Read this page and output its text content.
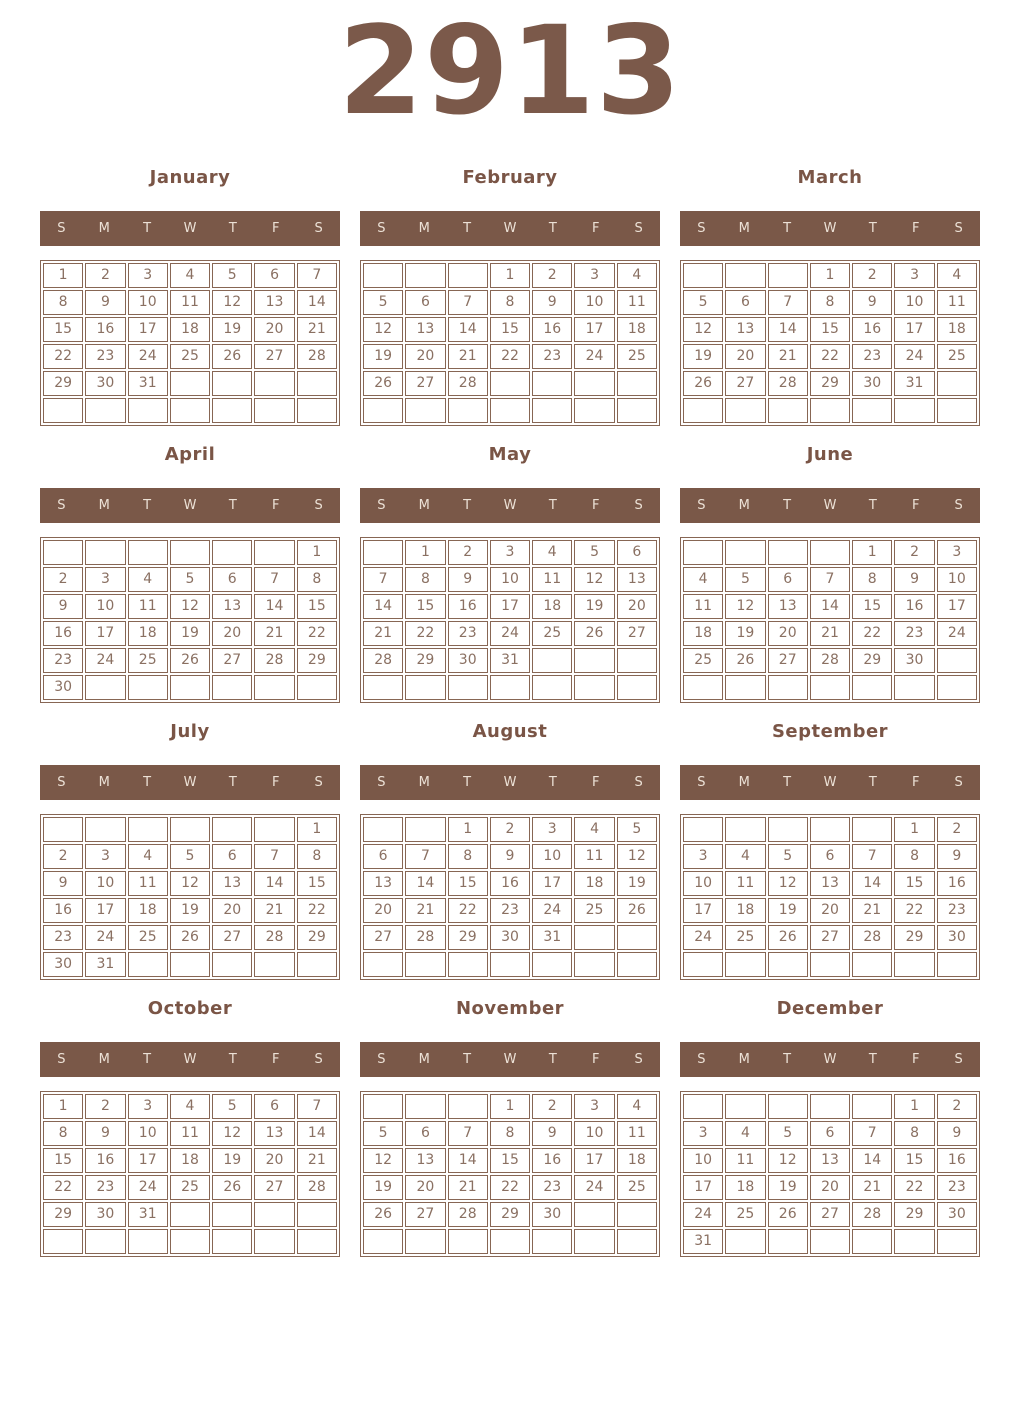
2913
January
S	M	T	W	T	F	S
1	2	3	4	5	6	7
8	9	10	11	12	13	14
15	16	17	18	19	20	21
22	23	24	25	26	27	28
29	30	31				

February
S	M	T	W	T	F	S
			1	2	3	4
5	6	7	8	9	10	11
12	13	14	15	16	17	18
19	20	21	22	23	24	25
26	27	28				

March
S	M	T	W	T	F	S
			1	2	3	4
5	6	7	8	9	10	11
12	13	14	15	16	17	18
19	20	21	22	23	24	25
26	27	28	29	30	31	

April
S	M	T	W	T	F	S
						1
2	3	4	5	6	7	8
9	10	11	12	13	14	15
16	17	18	19	20	21	22
23	24	25	26	27	28	29
30						
May
S	M	T	W	T	F	S
	1	2	3	4	5	6
7	8	9	10	11	12	13
14	15	16	17	18	19	20
21	22	23	24	25	26	27
28	29	30	31			

June
S	M	T	W	T	F	S
				1	2	3
4	5	6	7	8	9	10
11	12	13	14	15	16	17
18	19	20	21	22	23	24
25	26	27	28	29	30	

July
S	M	T	W	T	F	S
						1
2	3	4	5	6	7	8
9	10	11	12	13	14	15
16	17	18	19	20	21	22
23	24	25	26	27	28	29
30	31					
August
S	M	T	W	T	F	S
		1	2	3	4	5
6	7	8	9	10	11	12
13	14	15	16	17	18	19
20	21	22	23	24	25	26
27	28	29	30	31		

September
S	M	T	W	T	F	S
					1	2
3	4	5	6	7	8	9
10	11	12	13	14	15	16
17	18	19	20	21	22	23
24	25	26	27	28	29	30

October
S	M	T	W	T	F	S
1	2	3	4	5	6	7
8	9	10	11	12	13	14
15	16	17	18	19	20	21
22	23	24	25	26	27	28
29	30	31				

November
S	M	T	W	T	F	S
			1	2	3	4
5	6	7	8	9	10	11
12	13	14	15	16	17	18
19	20	21	22	23	24	25
26	27	28	29	30		

December
S	M	T	W	T	F	S
					1	2
3	4	5	6	7	8	9
10	11	12	13	14	15	16
17	18	19	20	21	22	23
24	25	26	27	28	29	30
31						
